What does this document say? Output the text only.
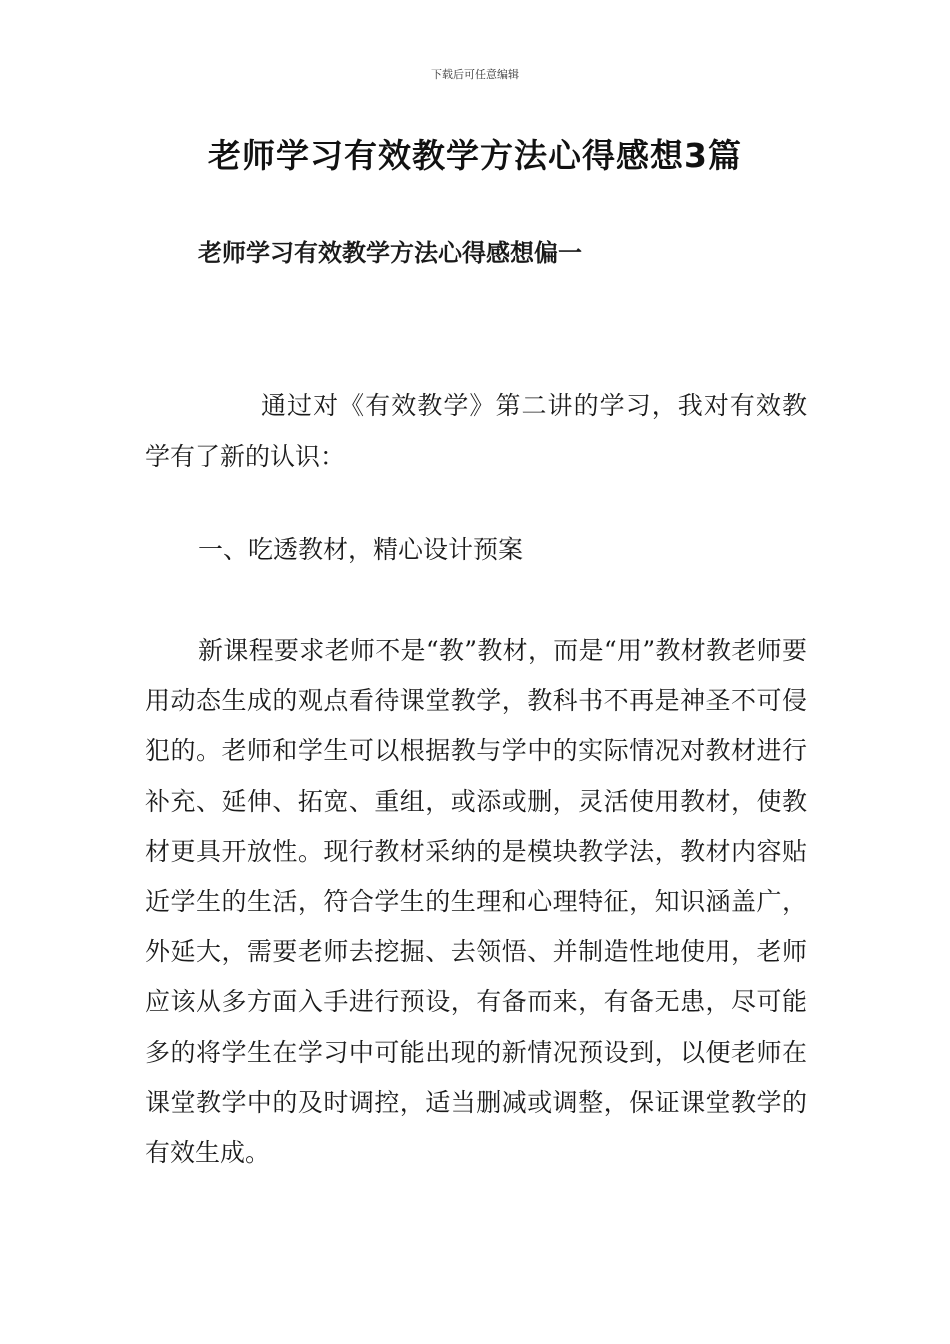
下载后可任意编辑
老师学习有效教学方法心得感想3篇
老师学习有效教学方法心得感想偏一

通过对《有效教学》第二讲的学习，我对有效教学有了新的认识：

一、吃透教材，精心设计预案

新课程要求老师不是“教”教材，而是“用”教材教老师要用动态生成的观点看待课堂教学，教科书不再是神圣不可侵犯的。老师和学生可以根据教与学中的实际情况对教材进行补充、延伸、拓宽、重组，或添或删，灵活使用教材，使教材更具开放性。现行教材采纳的是模块教学法，教材内容贴近学生的生活，符合学生的生理和心理特征，知识涵盖广，外延大，需要老师去挖掘、去领悟、并制造性地使用，老师应该从多方面入手进行预设，有备而来，有备无患，尽可能多的将学生在学习中可能出现的新情况预设到，以便老师在课堂教学中的及时调控，适当删减或调整，保证课堂教学的有效生成。
